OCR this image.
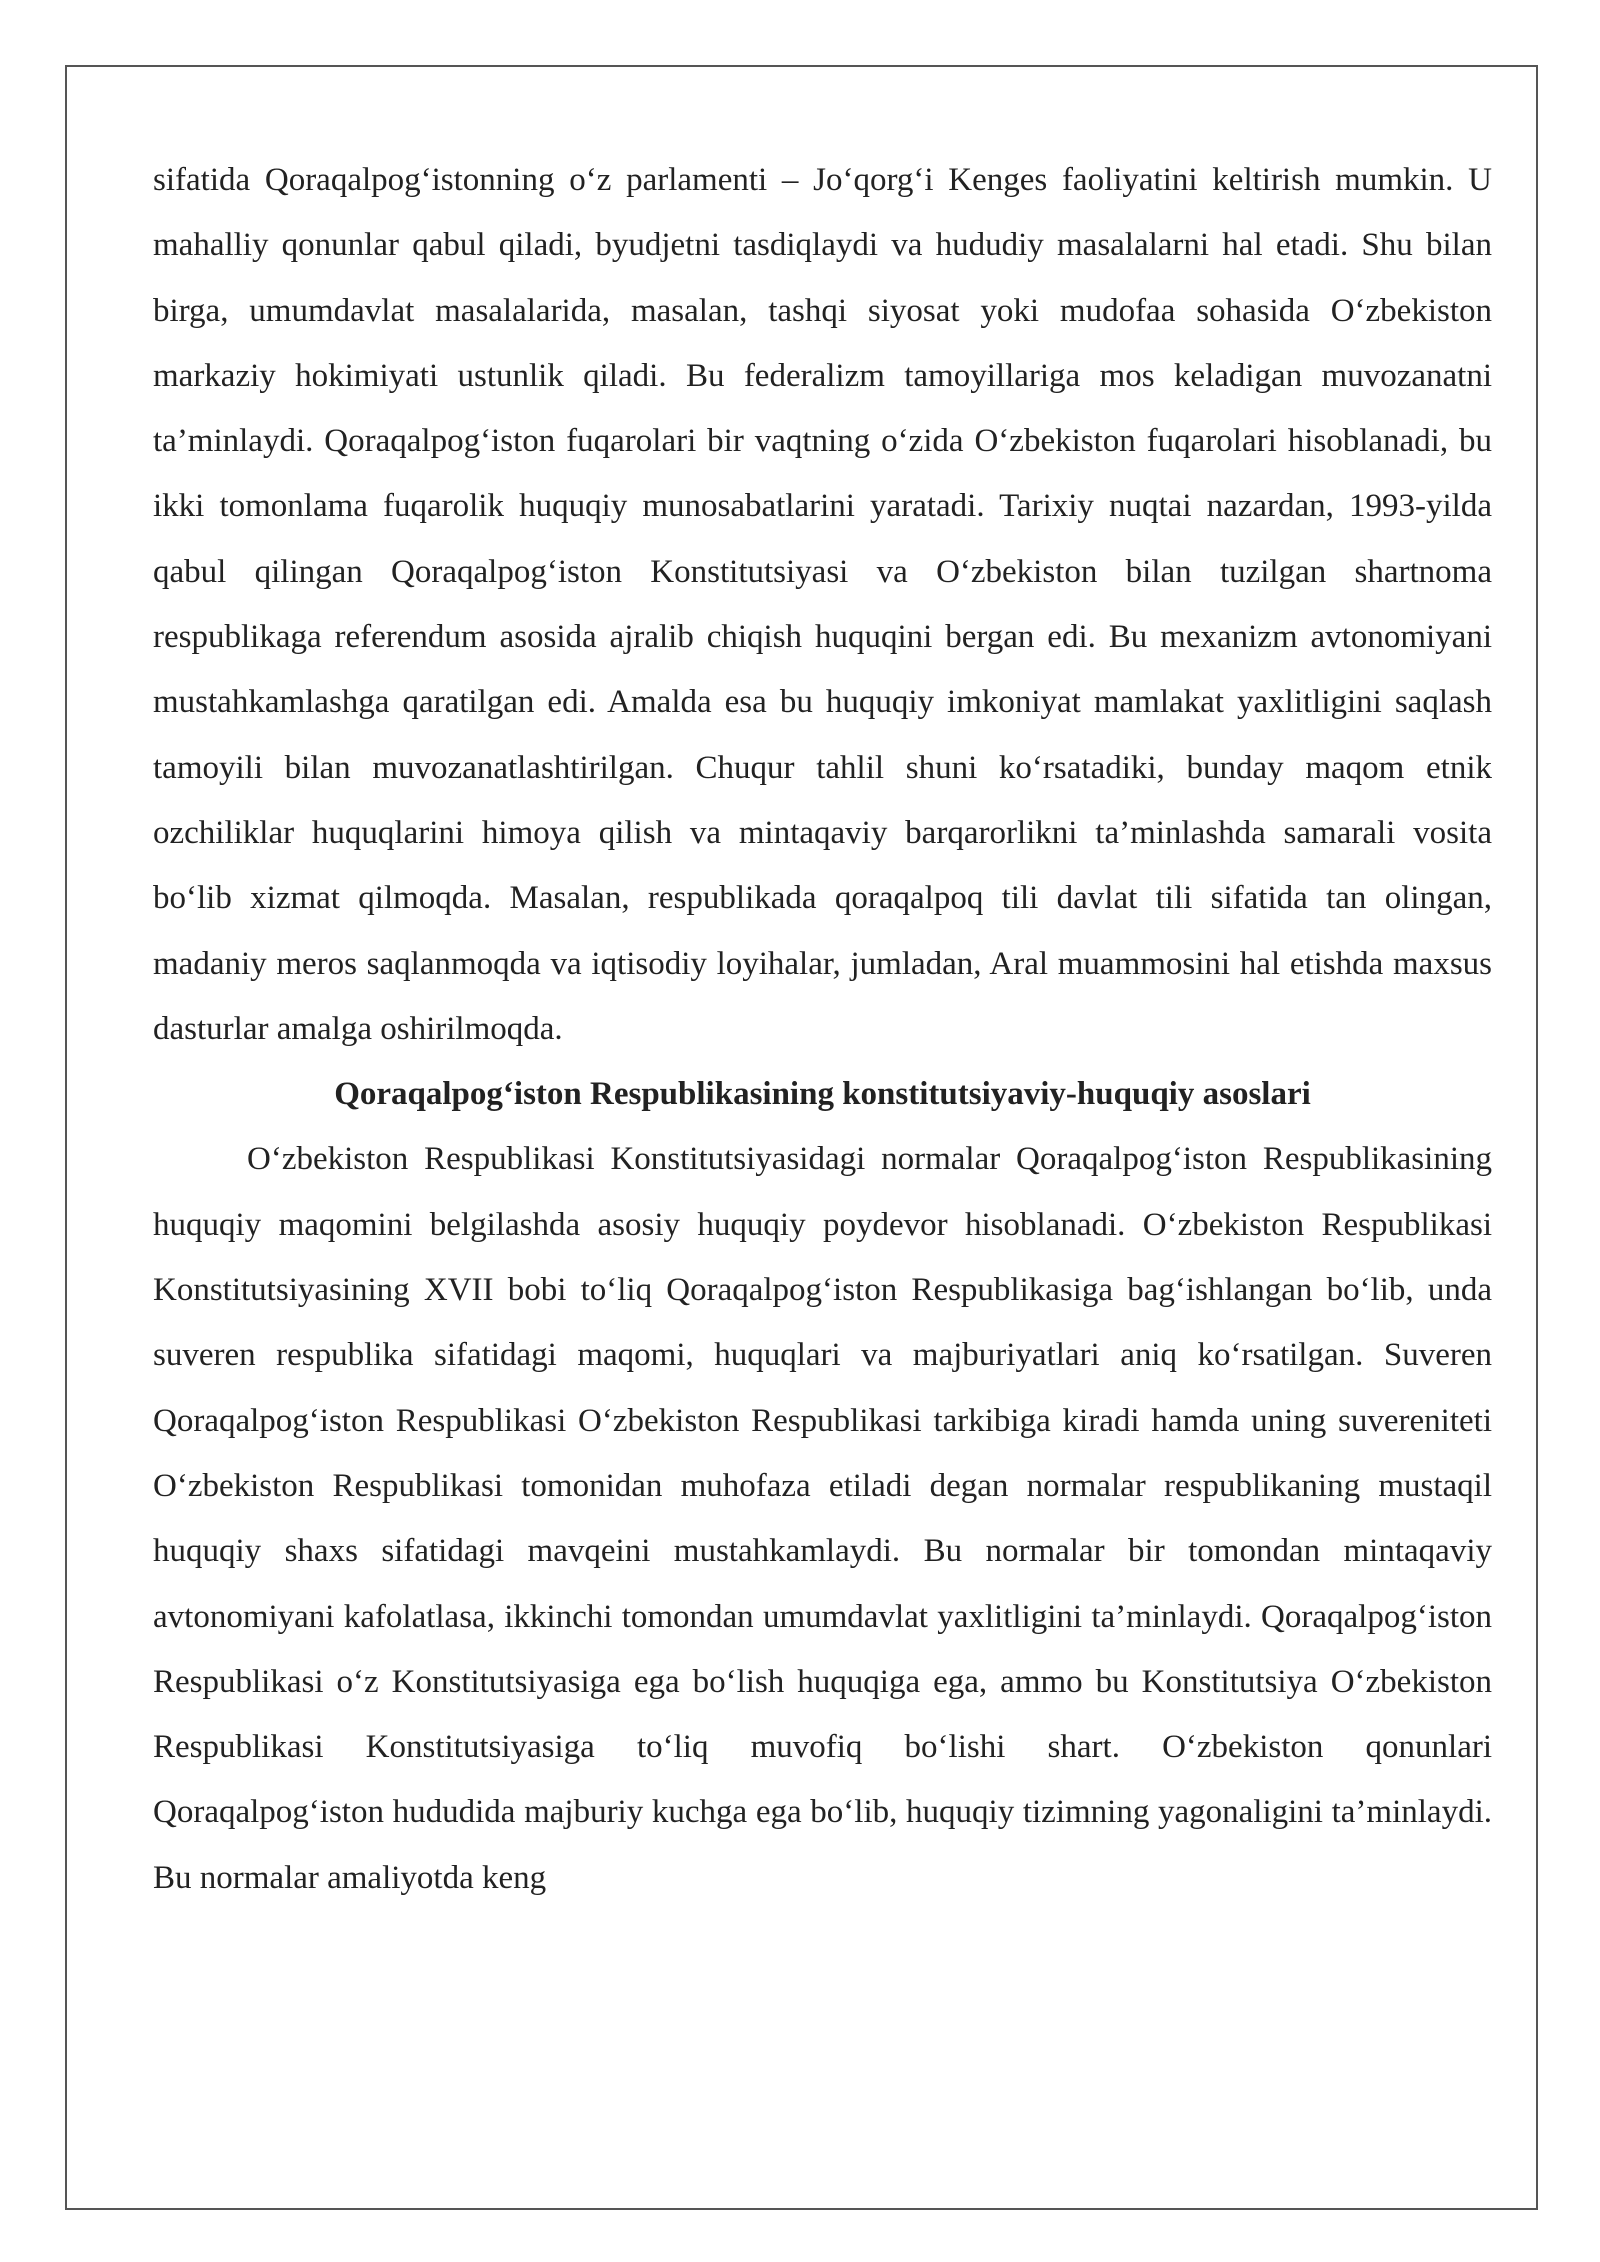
sifatida Qoraqalpog‘istonning o‘z parlamenti – Jo‘qorg‘i Kenges faoliyatini keltirish mumkin. U mahalliy qonunlar qabul qiladi, byudjetni tasdiqlaydi va hududiy masalalarni hal etadi. Shu bilan birga, umumdavlat masalalarida, masalan, tashqi siyosat yoki mudofaa sohasida O‘zbekiston markaziy hokimiyati ustunlik qiladi. Bu federalizm tamoyillariga mos keladigan muvozanatni ta’minlaydi. Qoraqalpog‘iston fuqarolari bir vaqtning o‘zida O‘zbekiston fuqarolari hisoblanadi, bu ikki tomonlama fuqarolik huquqiy munosabatlarini yaratadi. Tarixiy nuqtai nazardan, 1993-yilda qabul qilingan Qoraqalpog‘iston Konstitutsiyasi va O‘zbekiston bilan tuzilgan shartnoma respublikaga referendum asosida ajralib chiqish huquqini bergan edi. Bu mexanizm avtonomiyani mustahkamlashga qaratilgan edi. Amalda esa bu huquqiy imkoniyat mamlakat yaxlitligini saqlash tamoyili bilan muvozanatlashtirilgan. Chuqur tahlil shuni ko‘rsatadiki, bunday maqom etnik ozchiliklar huquqlarini himoya qilish va mintaqaviy barqarorlikni ta’minlashda samarali vosita bo‘lib xizmat qilmoqda. Masalan, respublikada qoraqalpoq tili davlat tili sifatida tan olingan, madaniy meros saqlanmoqda va iqtisodiy loyihalar, jumladan, Aral muammosini hal etishda maxsus dasturlar amalga oshirilmoqda.

Qoraqalpog‘iston Respublikasining konstitutsiyaviy-huquqiy asoslari

O‘zbekiston Respublikasi Konstitutsiyasidagi normalar Qoraqalpog‘iston Respublikasining huquqiy maqomini belgilashda asosiy huquqiy poydevor hisoblanadi. O‘zbekiston Respublikasi Konstitutsiyasining XVII bobi to‘liq Qoraqalpog‘iston Respublikasiga bag‘ishlangan bo‘lib, unda suveren respublika sifatidagi maqomi, huquqlari va majburiyatlari aniq ko‘rsatilgan. Suveren Qoraqalpog‘iston Respublikasi O‘zbekiston Respublikasi tarkibiga kiradi hamda uning suvereniteti O‘zbekiston Respublikasi tomonidan muhofaza etiladi degan normalar respublikaning mustaqil huquqiy shaxs sifatidagi mavqeini mustahkamlaydi. Bu normalar bir tomondan mintaqaviy avtonomiyani kafolatlasa, ikkinchi tomondan umumdavlat yaxlitligini ta’minlaydi. Qoraqalpog‘iston Respublikasi o‘z Konstitutsiyasiga ega bo‘lish huquqiga ega, ammo bu Konstitutsiya O‘zbekiston Respublikasi Konstitutsiyasiga to‘liq muvofiq bo‘lishi shart. O‘zbekiston qonunlari Qoraqalpog‘iston hududida majburiy kuchga ega bo‘lib, huquqiy tizimning yagonaligini ta’minlaydi. Bu normalar amaliyotda keng
